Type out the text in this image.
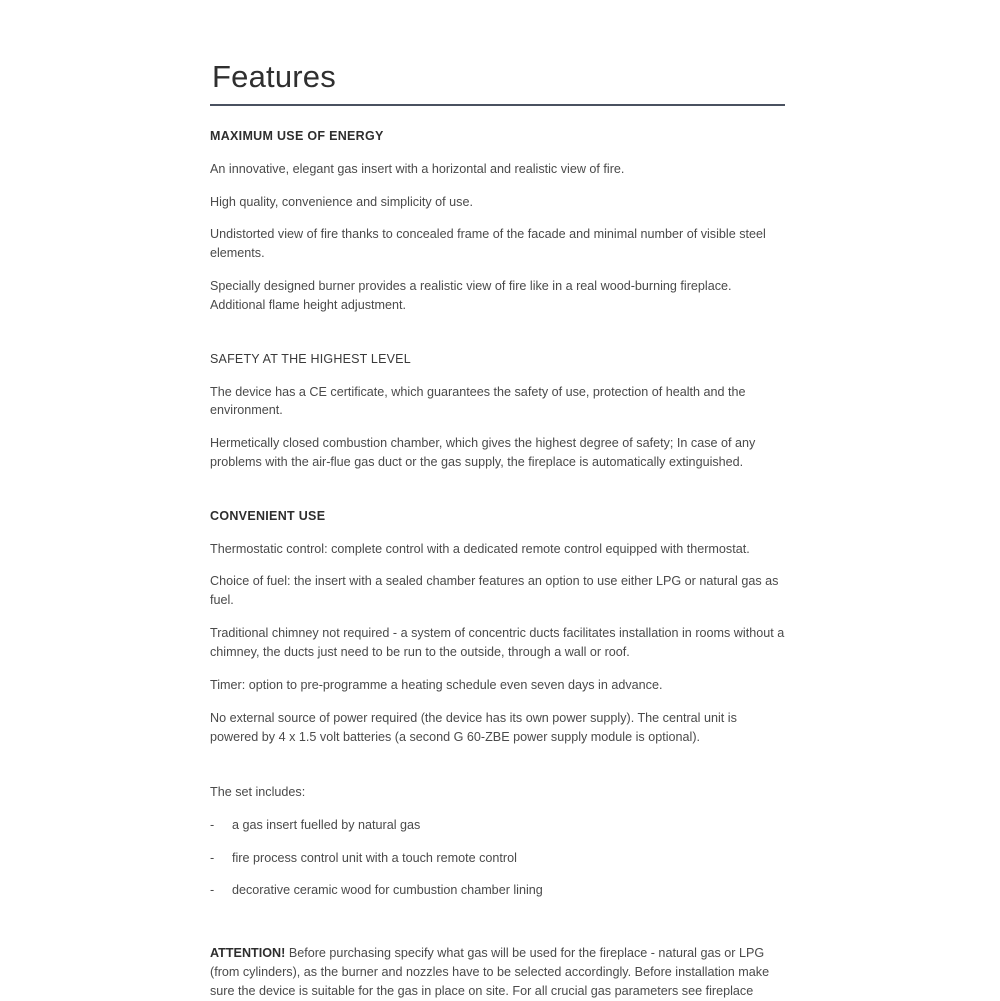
Features
MAXIMUM USE OF ENERGY

An innovative, elegant gas insert with a horizontal and realistic view of fire.

High quality, convenience and simplicity of use.

Undistorted view of fire thanks to concealed frame of the facade and minimal number of visible steel elements.

Specially designed burner provides a realistic view of fire like in a real wood-burning fireplace. Additional flame height adjustment.

SAFETY AT THE HIGHEST LEVEL

The device has a CE certificate, which guarantees the safety of use, protection of health and the environment.

Hermetically closed combustion chamber, which gives the highest degree of safety; In case of any problems with the air-flue gas duct or the gas supply, the fireplace is automatically extinguished.

CONVENIENT USE

Thermostatic control: complete control with a dedicated remote control equipped with thermostat.

Choice of fuel: the insert with a sealed chamber features an option to use either LPG or natural gas as fuel.

Traditional chimney not required - a system of concentric ducts facilitates installation in rooms without a chimney, the ducts just need to be run to the outside, through a wall or roof.

Timer: option to pre-programme a heating schedule even seven days in advance.

No external source of power required (the device has its own power supply). The central unit is powered by 4 x 1.5 volt batteries (a second G 60-ZBE power supply module is optional).

The set includes:

- a gas insert fuelled by natural gas
- fire process control unit with a touch remote control
- decorative ceramic wood for cumbustion chamber lining

ATTENTION! Before purchasing specify what gas will be used for the fireplace - natural gas or LPG (from cylinders), as the burner and nozzles have to be selected accordingly. Before installation make sure the device is suitable for the gas in place on site. For all crucial gas parameters see fireplace
